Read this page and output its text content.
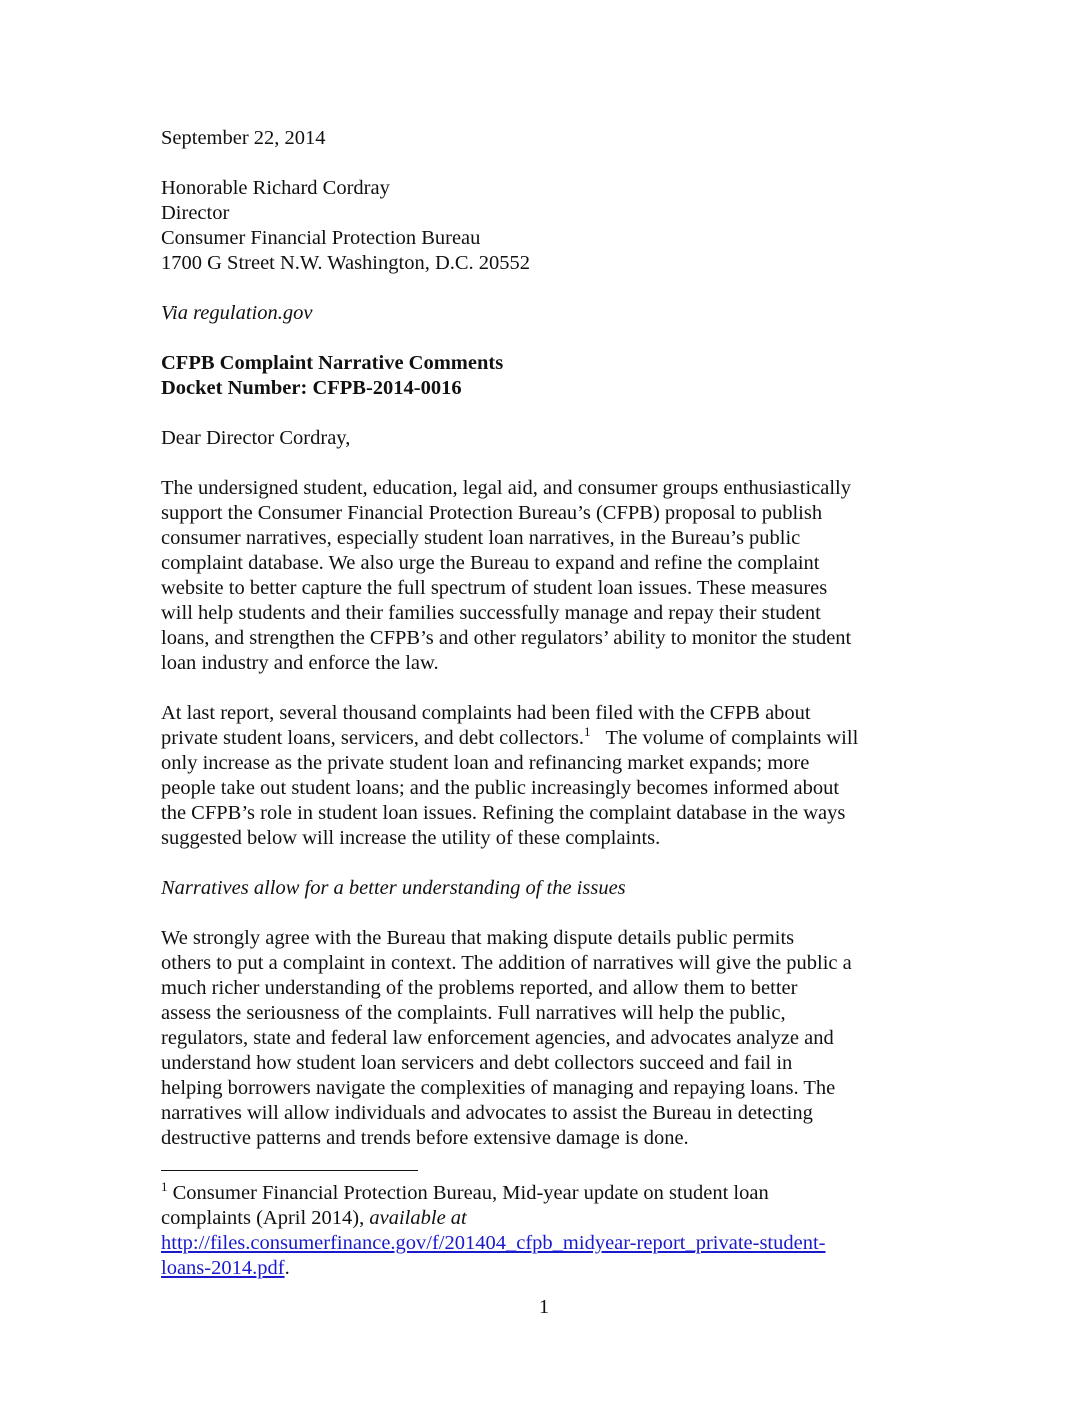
September 22, 2014
Honorable Richard Cordray
Director
Consumer Financial Protection Bureau
1700 G Street N.W. Washington, D.C. 20552
Via regulation.gov
CFPB Complaint Narrative Comments
Docket Number: CFPB-2014-0016
Dear Director Cordray,
The undersigned student, education, legal aid, and consumer groups enthusiastically
support the Consumer Financial Protection Bureau’s (CFPB) proposal to publish
consumer narratives, especially student loan narratives, in the Bureau’s public
complaint database. We also urge the Bureau to expand and refine the complaint
website to better capture the full spectrum of student loan issues. These measures
will help students and their families successfully manage and repay their student
loans, and strengthen the CFPB’s and other regulators’ ability to monitor the student
loan industry and enforce the law.
At last report, several thousand complaints had been filed with the CFPB about
private student loans, servicers, and debt collectors.$^1$   The volume of complaints will
only increase as the private student loan and refinancing market expands; more
people take out student loans; and the public increasingly becomes informed about
the CFPB’s role in student loan issues. Refining the complaint database in the ways
suggested below will increase the utility of these complaints.
Narratives allow for a better understanding of the issues
We strongly agree with the Bureau that making dispute details public permits
others to put a complaint in context. The addition of narratives will give the public a
much richer understanding of the problems reported, and allow them to better
assess the seriousness of the complaints. Full narratives will help the public,
regulators, state and federal law enforcement agencies, and advocates analyze and
understand how student loan servicers and debt collectors succeed and fail in
helping borrowers navigate the complexities of managing and repaying loans. The
narratives will allow individuals and advocates to assist the Bureau in detecting
destructive patterns and trends before extensive damage is done.
$^1$ Consumer Financial Protection Bureau, Mid-year update on student loan
complaints (April 2014), available at
http://files.consumerfinance.gov/f/201404_cfpb_midyear-report_private-student-
loans-2014.pdf.
1
